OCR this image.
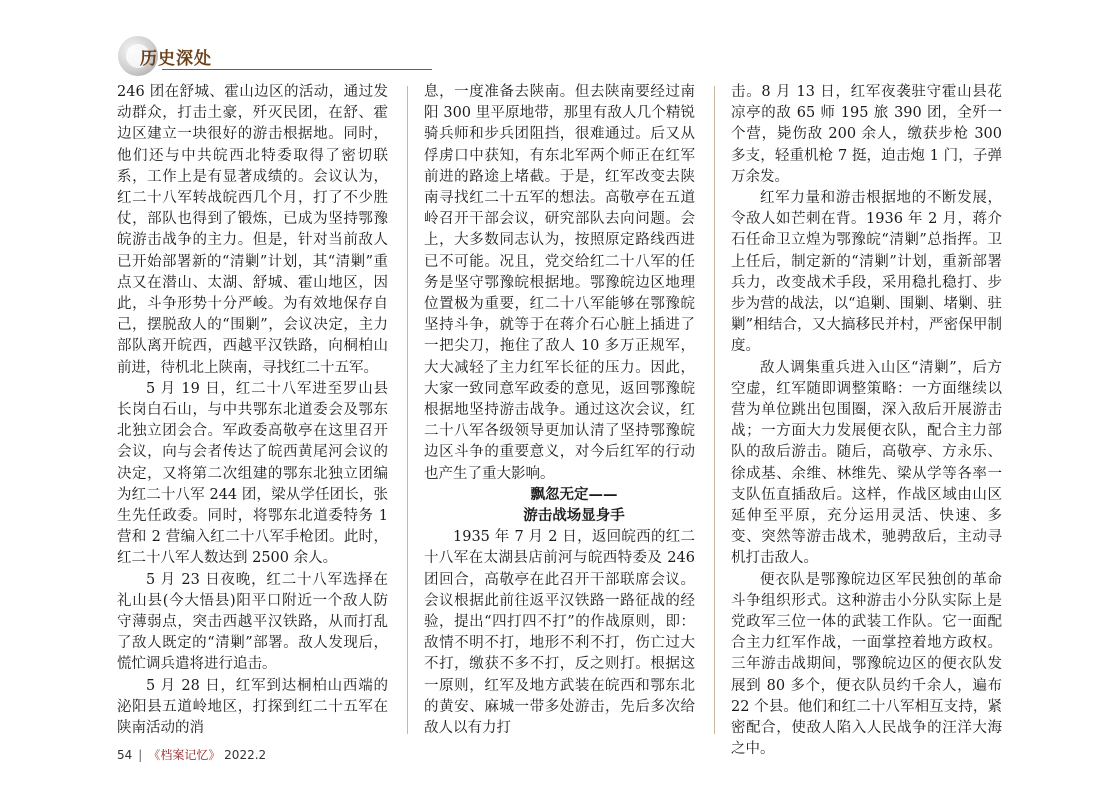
历史深处

246 团在舒城、霍山边区的活动，通过发动群众，打击土豪，歼灭民团，在舒、霍边区建立一块很好的游击根据地。同时，他们还与中共皖西北特委取得了密切联系，工作上是有显著成绩的。会议认为，红二十八军转战皖西几个月，打了不少胜仗，部队也得到了锻炼，已成为坚持鄂豫皖游击战争的主力。但是，针对当前敌人已开始部署新的“清剿”计划，其“清剿”重点又在潜山、太湖、舒城、霍山地区，因此，斗争形势十分严峻。为有效地保存自己，摆脱敌人的“围剿”，会议决定，主力部队离开皖西，西越平汉铁路，向桐柏山前进，待机北上陕南，寻找红二十五军。

5 月 19 日，红二十八军进至罗山县长岗白石山，与中共鄂东北道委会及鄂东北独立团会合。军政委高敬亭在这里召开会议，向与会者传达了皖西黄尾河会议的决定，又将第二次组建的鄂东北独立团编为红二十八军 244 团，梁从学任团长，张生先任政委。同时，将鄂东北道委特务 1 营和 2 营编入红二十八军手枪团。此时，红二十八军人数达到 2500 余人。

5 月 23 日夜晚，红二十八军选择在礼山县(今大悟县)阳平口附近一个敌人防守薄弱点，突击西越平汉铁路，从而打乱了敌人既定的“清剿”部署。敌人发现后，慌忙调兵遣将进行追击。

5 月 28 日，红军到达桐柏山西端的泌阳县五道岭地区，打探到红二十五军在陕南活动的消

息，一度准备去陕南。但去陕南要经过南阳 300 里平原地带，那里有敌人几个精锐骑兵师和步兵团阻挡，很难通过。后又从俘虏口中获知，有东北军两个师正在红军前进的路途上堵截。于是，红军改变去陕南寻找红二十五军的想法。高敬亭在五道岭召开干部会议，研究部队去向问题。会上，大多数同志认为，按照原定路线西进已不可能。况且，党交给红二十八军的任务是坚守鄂豫皖根据地。鄂豫皖边区地理位置极为重要，红二十八军能够在鄂豫皖坚持斗争，就等于在蒋介石心脏上插进了一把尖刀，拖住了敌人 10 多万正规军，大大减轻了主力红军长征的压力。因此，大家一致同意军政委的意见，返回鄂豫皖根据地坚持游击战争。通过这次会议，红二十八军各级领导更加认清了坚持鄂豫皖边区斗争的重要意义，对今后红军的行动也产生了重大影响。

飘忽无定——

游击战场显身手

1935 年 7 月 2 日，返回皖西的红二十八军在太湖县店前河与皖西特委及 246 团回合，高敬亭在此召开干部联席会议。会议根据此前往返平汉铁路一路征战的经验，提出“四打四不打”的作战原则，即：敌情不明不打，地形不利不打，伤亡过大不打，缴获不多不打，反之则打。根据这一原则，红军及地方武装在皖西和鄂东北的黄安、麻城一带多处游击，先后多次给敌人以有力打

击。8 月 13 日，红军夜袭驻守霍山县花凉亭的敌 65 师 195 旅 390 团，全歼一个营，毙伤敌 200 余人，缴获步枪 300 多支，轻重机枪 7 挺，迫击炮 1 门，子弹万余发。

红军力量和游击根据地的不断发展，令敌人如芒刺在背。1936 年 2 月，蒋介石任命卫立煌为鄂豫皖“清剿”总指挥。卫上任后，制定新的“清剿”计划，重新部署兵力，改变战术手段，采用稳扎稳打、步步为营的战法，以“追剿、围剿、堵剿、驻剿”相结合，又大搞移民并村，严密保甲制度。

敌人调集重兵进入山区“清剿”，后方空虚，红军随即调整策略：一方面继续以营为单位跳出包围圈，深入敌后开展游击战；一方面大力发展便衣队，配合主力部队的敌后游击。随后，高敬亭、方永乐、徐成基、余维、林维先、梁从学等各率一支队伍直插敌后。这样，作战区域由山区延伸至平原，充分运用灵活、快速、多变、突然等游击战术，驰骋敌后，主动寻机打击敌人。

便衣队是鄂豫皖边区军民独创的革命斗争组织形式。这种游击小分队实际上是党政军三位一体的武装工作队。它一面配合主力红军作战，一面掌控着地方政权。三年游击战期间，鄂豫皖边区的便衣队发展到 80 多个，便衣队员约千余人，遍布 22 个县。他们和红二十八军相互支持，紧密配合，使敌人陷入人民战争的汪洋大海之中。

54 | 《档案记忆》 2022.2
